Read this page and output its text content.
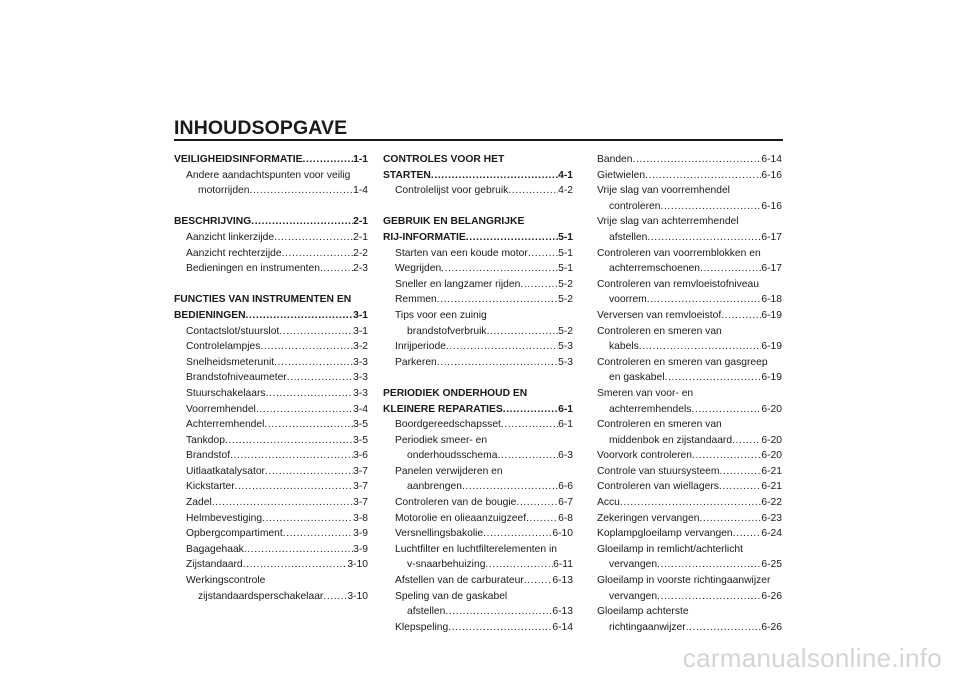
INHOUDSOPGAVE
VEILIGHEIDSINFORMATIE .....	1-1
Andere aandachtspunten voor veilig
motorrijden .....	1-4
BESCHRIJVING .....	2-1
Aanzicht linkerzijde .....	2-1
Aanzicht rechterzijde .....	2-2
Bedieningen en instrumenten .....	2-3
FUNCTIES VAN INSTRUMENTEN EN
BEDIENINGEN .....	3-1
Contactslot/stuurslot .....	3-1
Controlelampjes .....	3-2
Snelheidsmeterunit .....	3-3
Brandstofniveaumeter .....	3-3
Stuurschakelaars .....	3-3
Voorremhendel .....	3-4
Achterremhendel .....	3-5
Tankdop .....	3-5
Brandstof .....	3-6
Uitlaatkatalysator .....	3-7
Kickstarter .....	3-7
Zadel .....	3-7
Helmbevestiging .....	3-8
Opbergcompartiment .....	3-9
Bagagehaak .....	3-9
Zijstandaard .....	3-10
Werkingscontrole
zijstandaardsperschakelaar ..... 3-10
CONTROLES VOOR HET
STARTEN .....	4-1
Controlelijst voor gebruik .....	4-2
GEBRUIK EN BELANGRIJKE
RIJ-INFORMATIE .....	5-1
Starten van een koude motor .....	5-1
Wegrijden .....	5-1
Sneller en langzamer rijden .....	5-2
Remmen .....	5-2
Tips voor een zuinig
brandstofverbruik .....	5-2
Inrijperiode .....	5-3
Parkeren .....	5-3
PERIODIEK ONDERHOUD EN
KLEINERE REPARATIES .....	6-1
Boordgereedschapsset .....	6-1
Periodiek smeer- en
onderhoudsschema .....	6-3
Panelen verwijderen en
aanbrengen .....	6-6
Controleren van de bougie .....	6-7
Motorolie en olieaanzuigzeef .....	6-8
Versnellingsbakolie .....	6-10
Luchtfilter en luchtfilterelementen in
v-snaarbehuizing .....	6-11
Afstellen van de carburateur .....	6-13
Speling van de gaskabel
afstellen .....	6-13
Klepspeling .....	6-14
Banden .....	6-14
Gietwielen .....	6-16
Vrije slag van voorremhendel
controleren .....	6-16
Vrije slag van achterremhendel
afstellen .....	6-17
Controleren van voorremblokken en
achterremschoenen .....	6-17
Controleren van remvloeistofniveau
voorrem .....	6-18
Verversen van remvloeistof .....	6-19
Controleren en smeren van
kabels .....	6-19
Controleren en smeren van gasgreep
en gaskabel .....	6-19
Smeren van voor- en
achterremhendels .....	6-20
Controleren en smeren van
middenbok en zijstandaard .....	6-20
Voorvork controleren .....	6-20
Controle van stuursysteem .....	6-21
Controleren van wiellagers .....	6-21
Accu .....	6-22
Zekeringen vervangen .....	6-23
Koplampgloeilamp vervangen .....	6-24
Gloeilamp in remlicht/achterlicht
vervangen .....	6-25
Gloeilamp in voorste richtingaanwijzer
vervangen .....	6-26
Gloeilamp achterste
richtingaanwijzer .....	6-26
carmanualsonline.info
